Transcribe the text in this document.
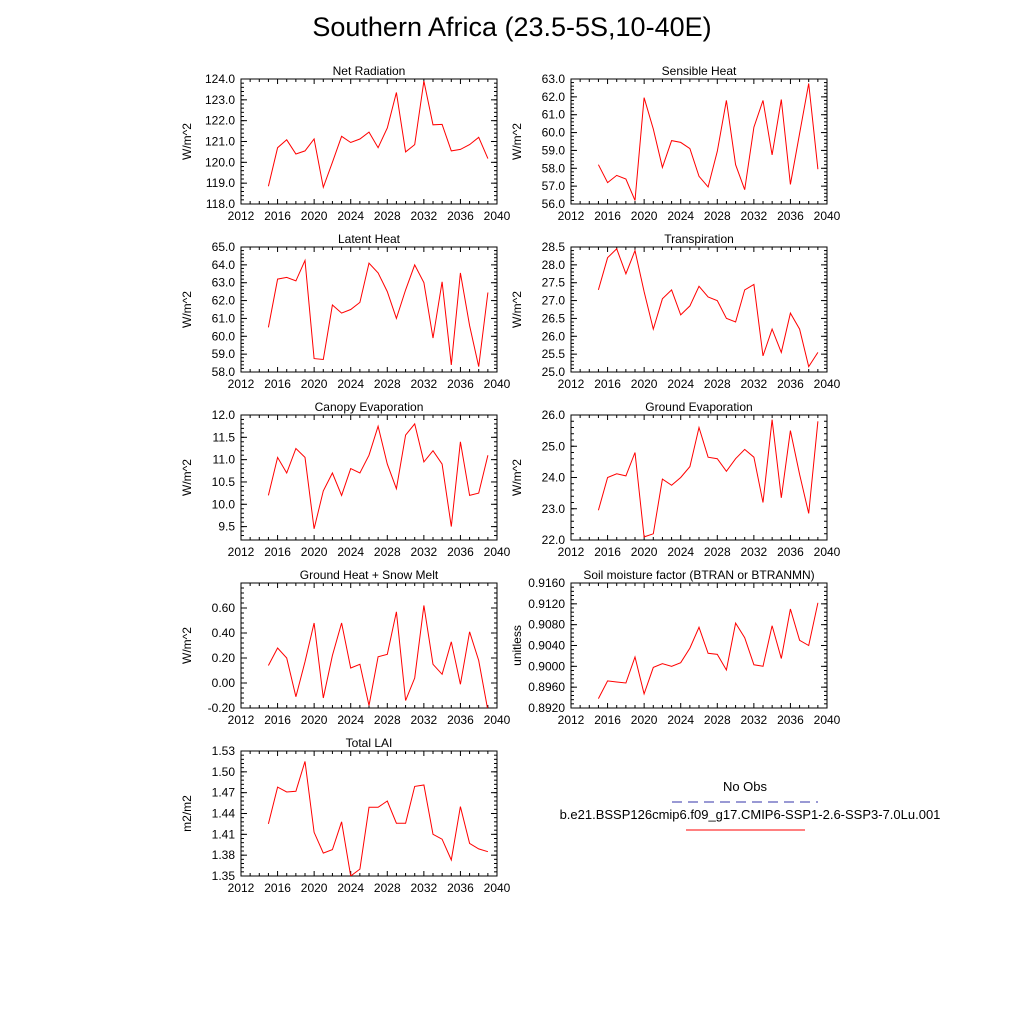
Southern Africa (23.5-5S,10-40E)
Net Radiation
W/m^2
2012 2016 2020 2024 2028 2032 2036 2040
118.0
119.0
120.0
121.0
122.0
123.0
124.0
Sensible Heat
W/m^2
2012 2016 2020 2024 2028 2032 2036 2040
56.0
57.0
58.0
59.0
60.0
61.0
62.0
63.0
Latent Heat
W/m^2
2012 2016 2020 2024 2028 2032 2036 2040
58.0
59.0
60.0
61.0
62.0
63.0
64.0
65.0
Transpiration
W/m^2
2012 2016 2020 2024 2028 2032 2036 2040
25.0
25.5
26.0
26.5
27.0
27.5
28.0
28.5
Canopy Evaporation
W/m^2
2012 2016 2020 2024 2028 2032 2036 2040
9.5
10.0
10.5
11.0
11.5
12.0
Ground Evaporation
W/m^2
2012 2016 2020 2024 2028 2032 2036 2040
22.0
23.0
24.0
25.0
26.0
Ground Heat + Snow Melt
W/m^2
2012 2016 2020 2024 2028 2032 2036 2040
-0.20
0.00
0.20
0.40
0.60
Soil moisture factor (BTRAN or BTRANMN)
unitless
2012 2016 2020 2024 2028 2032 2036 2040
0.8920
0.8960
0.9000
0.9040
0.9080
0.9120
0.9160
Total LAI
m2/m2
2012 2016 2020 2024 2028 2032 2036 2040
1.35
1.38
1.41
1.44
1.47
1.50
1.53
No Obs
b.e21.BSSP126cmip6.f09_g17.CMIP6-SSP1-2.6-SSP3-7.0Lu.001
